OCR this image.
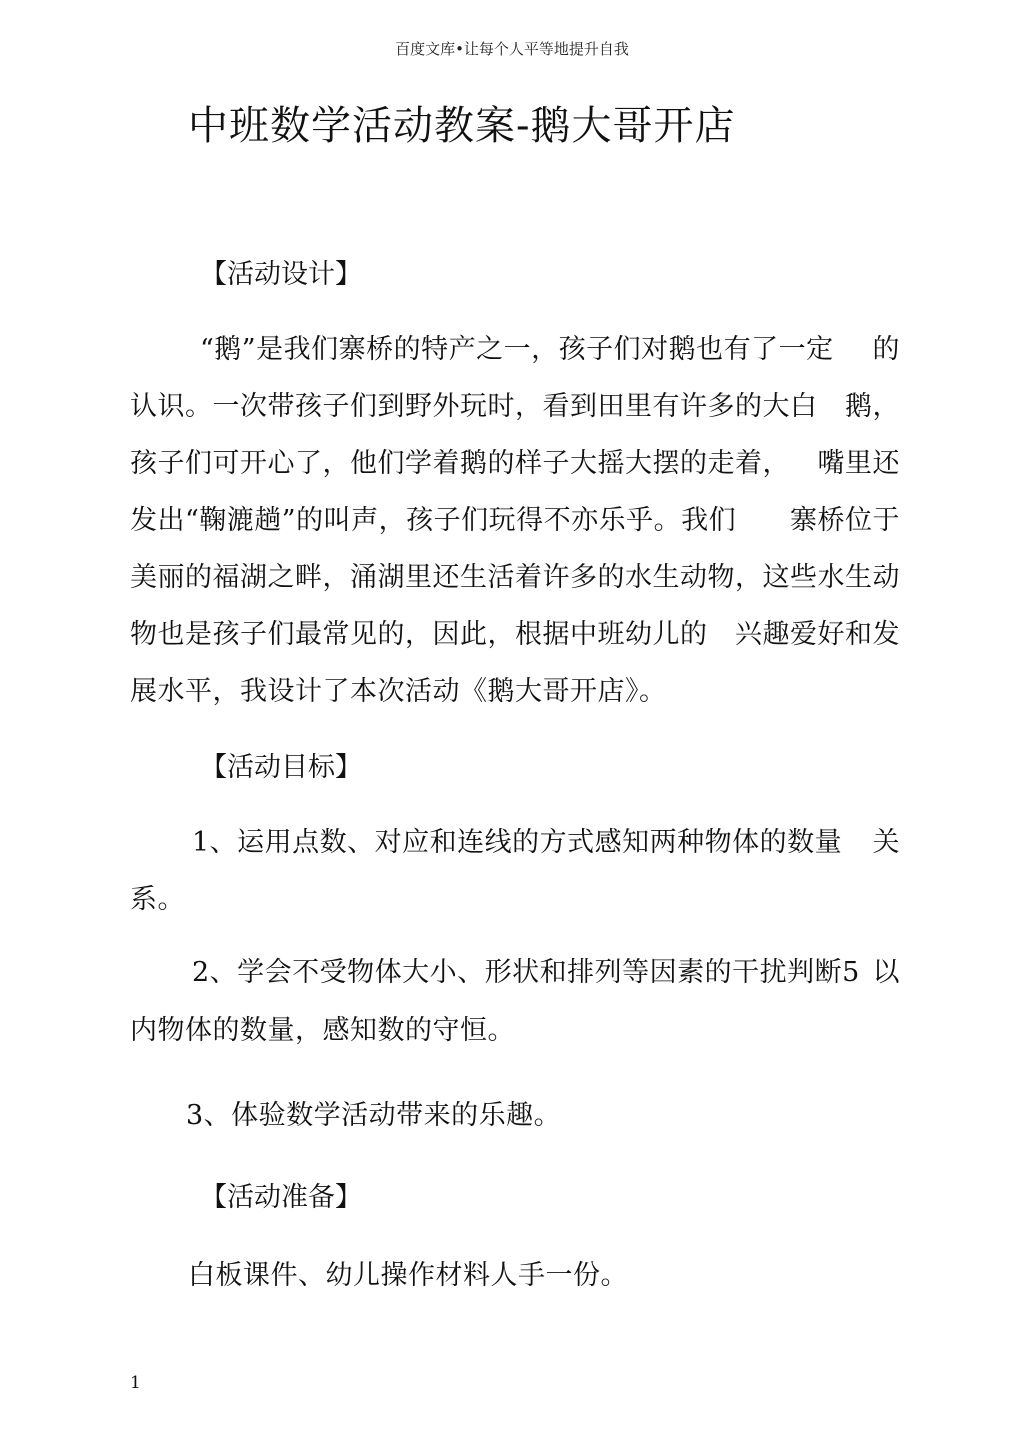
百度文库•让每个人平等地提升自我
中班数学活动教案-鹅大哥开店
【活动设计】
“鹅”是我们寨桥的特产之一，孩子们对鹅也有了一定 的
认识。一次带孩子们到野外玩时，看到田里有许多的大白 鹅，
孩子们可开心了，他们学着鹅的样子大摇大摆的走着， 嘴里还
发出“鞠漉趟”的叫声，孩子们玩得不亦乐乎。我们 寨桥位于
美丽的福湖之畔，涌湖里还生活着许多的水生动物， 这些水生动
物也是孩子们最常见的，因此，根据中班幼儿的 兴趣爱好和发
展水平，我设计了本次活动《鹅大哥开店》。
【活动目标】
1、运用点数、对应和连线的方式感知两种物体的数量 关
系。
2、学会不受物体大小、形状和排列等因素的干扰判断5 以
内物体的数量，感知数的守恒。
3、体验数学活动带来的乐趣。
【活动准备】
白板课件、幼儿操作材料人手一份。
1
